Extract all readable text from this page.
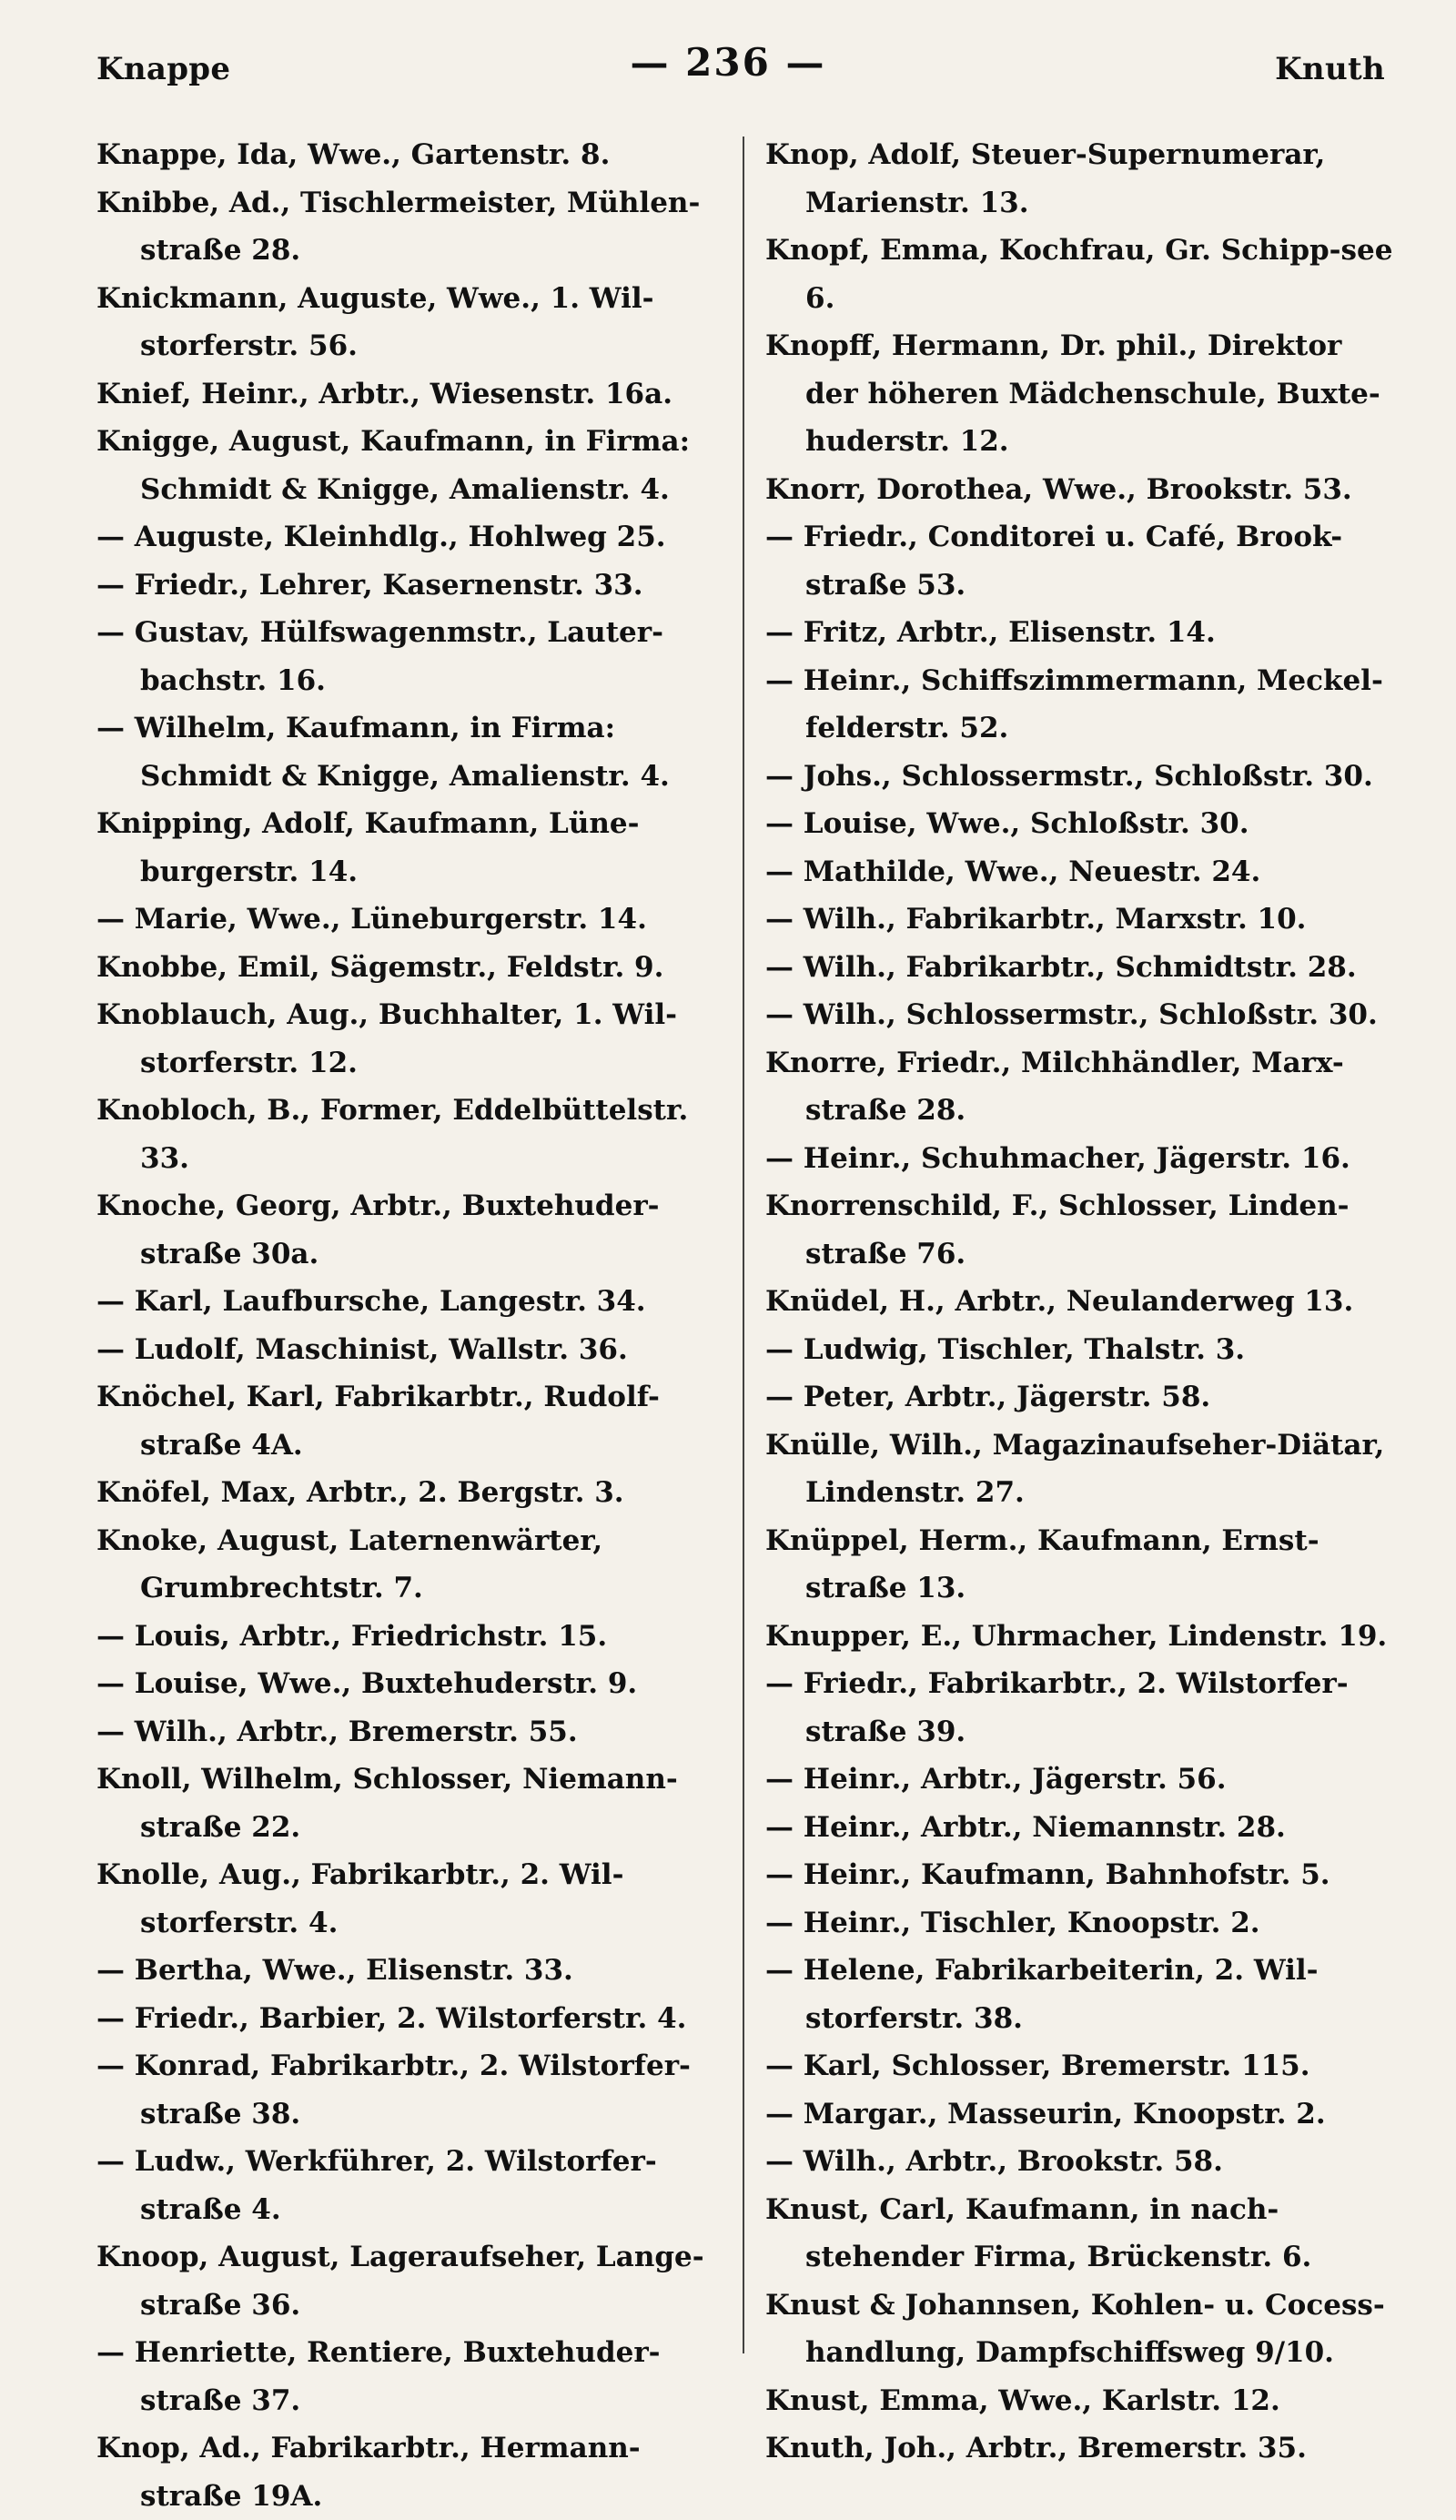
Knappe	— 236 —	Knuth
Knappe, Ida, Wwe., Gartenstr. 8.
Knibbe, Ad., Tischlermeister, Mühlen-straße 28.
Knickmann, Auguste, Wwe., 1. Wil-storferstr. 56.
Knief, Heinr., Arbtr., Wiesenstr. 16a.
Knigge, August, Kaufmann, in Firma: Schmidt & Knigge, Amalienstr. 4.
— Auguste, Kleinhdlg., Hohlweg 25.
— Friedr., Lehrer, Kasernenstr. 33.
— Gustav, Hülfswagenmstr., Lauter-bachstr. 16.
— Wilhelm, Kaufmann, in Firma: Schmidt & Knigge, Amalienstr. 4.
Knipping, Adolf, Kaufmann, Lüne-burgerstr. 14.
— Marie, Wwe., Lüneburgerstr. 14.
Knobbe, Emil, Sägemstr., Feldstr. 9.
Knoblauch, Aug., Buchhalter, 1. Wil-storferstr. 12.
Knobloch, B., Former, Eddelbüttelstr. 33.
Knoche, Georg, Arbtr., Buxtehuder-straße 30a.
— Karl, Laufbursche, Langestr. 34.
— Ludolf, Maschinist, Wallstr. 36.
Knöchel, Karl, Fabrikarbtr., Rudolf-straße 4A.
Knöfel, Max, Arbtr., 2. Bergstr. 3.
Knoke, August, Laternenwärter, Grumbrechtstr. 7.
— Louis, Arbtr., Friedrichstr. 15.
— Louise, Wwe., Buxtehuderstr. 9.
— Wilh., Arbtr., Bremerstr. 55.
Knoll, Wilhelm, Schlosser, Niemann-straße 22.
Knolle, Aug., Fabrikarbtr., 2. Wil-storferstr. 4.
— Bertha, Wwe., Elisenstr. 33.
— Friedr., Barbier, 2. Wilstorferstr. 4.
— Konrad, Fabrikarbtr., 2. Wilstorfer-straße 38.
— Ludw., Werkführer, 2. Wilstorfer-straße 4.
Knoop, August, Lageraufseher, Lange-straße 36.
— Henriette, Rentiere, Buxtehuder-straße 37.
Knop, Ad., Fabrikarbtr., Hermann-straße 19A.
Knop, Adolf, Steuer-Supernumerar, Marienstr. 13.
Knopf, Emma, Kochfrau, Gr. Schipp-see 6.
Knopff, Hermann, Dr. phil., Direktor der höheren Mädchenschule, Buxte-huderstr. 12.
Knorr, Dorothea, Wwe., Brookstr. 53.
— Friedr., Conditorei u. Café, Brook-straße 53.
— Fritz, Arbtr., Elisenstr. 14.
— Heinr., Schiffszimmermann, Meckel-felderstr. 52.
— Johs., Schlossermstr., Schloßstr. 30.
— Louise, Wwe., Schloßstr. 30.
— Mathilde, Wwe., Neuestr. 24.
— Wilh., Fabrikarbtr., Marxstr. 10.
— Wilh., Fabrikarbtr., Schmidtstr. 28.
— Wilh., Schlossermstr., Schloßstr. 30.
Knorre, Friedr., Milchhändler, Marx-straße 28.
— Heinr., Schuhmacher, Jägerstr. 16.
Knorrenschild, F., Schlosser, Linden-straße 76.
Knüdel, H., Arbtr., Neulanderweg 13.
— Ludwig, Tischler, Thalstr. 3.
— Peter, Arbtr., Jägerstr. 58.
Knülle, Wilh., Magazinaufseher-Diätar, Lindenstr. 27.
Knüppel, Herm., Kaufmann, Ernst-straße 13.
Knupper, E., Uhrmacher, Lindenstr. 19.
— Friedr., Fabrikarbtr., 2. Wilstorfer-straße 39.
— Heinr., Arbtr., Jägerstr. 56.
— Heinr., Arbtr., Niemannstr. 28.
— Heinr., Kaufmann, Bahnhofstr. 5.
— Heinr., Tischler, Knoopstr. 2.
— Helene, Fabrikarbeiterin, 2. Wil-storferstr. 38.
— Karl, Schlosser, Bremerstr. 115.
— Margar., Masseurin, Knoopstr. 2.
— Wilh., Arbtr., Brookstr. 58.
Knust, Carl, Kaufmann, in nach-stehender Firma, Brückenstr. 6.
Knust & Johannsen, Kohlen- u. Cocess-handlung, Dampfschiffsweg 9/10.
Knust, Emma, Wwe., Karlstr. 12.
Knuth, Joh., Arbtr., Bremerstr. 35.
